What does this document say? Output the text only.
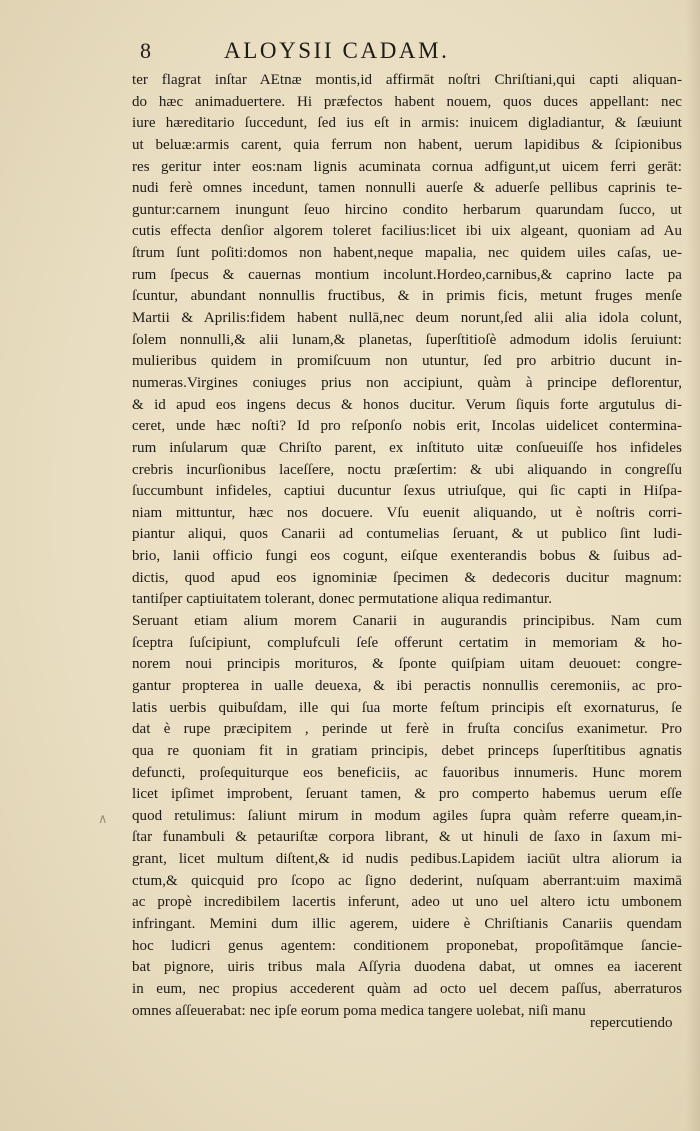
8	ALOYSII CADAM.
ter flagrat inſtar AEtnæ montis,id affirmāt noſtri Chriſtiani,qui capti aliquan-
do hæc animaduertere. Hi præfectos habent nouem, quos duces appellant: nec
iure hæreditario ſuccedunt, ſed ius eſt in armis: inuicem digladiantur, & ſæuiunt
ut beluæ:armis carent, quia ferrum non habent, uerum lapidibus & ſcipionibus
res geritur inter eos:nam lignis acuminata cornua adfigunt,ut uicem ferri gerāt:
nudi ferè omnes incedunt, tamen nonnulli auerſe & aduerſe pellibus caprinis te-
guntur:carnem inungunt ſeuo hircino condito herbarum quarundam ſucco, ut
cutis effecta denſior algorem toleret facilius:licet ibi uix algeant, quoniam ad Au
ſtrum ſunt poſiti:domos non habent,neque mapalia, nec quidem uiles caſas, ue-
rum ſpecus & cauernas montium incolunt.Hordeo,carnibus,& caprino lacte pa
ſcuntur, abundant nonnullis fructibus, & in primis ficis, metunt fruges menſe
Martii & Aprilis:fidem habent nullā,nec deum norunt,ſed alii alia idola colunt,
ſolem nonnulli,& alii lunam,& planetas, ſuperſtitioſè admodum idolis ſeruiunt:
mulieribus quidem in promiſcuum non utuntur, ſed pro arbitrio ducunt in-
numeras.Virgines coniuges prius non accipiunt, quàm à principe deflorentur,
& id apud eos ingens decus & honos ducitur. Verum ſiquis forte argutulus di-
ceret, unde hæc noſti? Id pro reſponſo nobis erit, Incolas uidelicet contermina-
rum inſularum quæ Chriſto parent, ex inſtituto uitæ conſueuiſſe hos infideles
crebris incurſionibus laceſſere, noctu præſertim: & ubi aliquando in congreſſu
ſuccumbunt infideles, captiui ducuntur ſexus utriuſque, qui ſic capti in Hiſpa-
niam mittuntur, hæc nos docuere. Vſu euenit aliquando, ut è noſtris corri-
piantur aliqui, quos Canarii ad contumelias ſeruant, & ut publico ſint ludi-
brio, lanii officio fungi eos cogunt, eiſque exenterandis bobus & ſuibus ad-
dictis, quod apud eos ignominiæ ſpecimen & dedecoris ducitur magnum:
tantiſper captiuitatem tolerant, donec permutatione aliqua redimantur.
Seruant etiam alium morem Canarii in augurandis principibus. Nam cum
ſceptra ſuſcipiunt, complufculi ſeſe offerunt certatim in memoriam & ho-
norem noui principis morituros, & ſponte quiſpiam uitam deuouet: congre-
gantur propterea in ualle deuexa, & ibi peractis nonnullis ceremoniis, ac pro-
latis uerbis quibuſdam, ille qui ſua morte feſtum principis eſt exornaturus, ſe
dat è rupe præcipitem , perinde ut ferè in fruſta conciſus exanimetur. Pro
qua re quoniam fit in gratiam principis, debet princeps ſuperſtitibus agnatis
defuncti, proſequiturque eos beneficiis, ac fauoribus innumeris. Hunc morem
licet ipſimet improbent, ſeruant tamen, & pro comperto habemus uerum eſſe
quod retulimus: ſaliunt mirum in modum agiles ſupra quàm referre queam,in-
ſtar funambuli & petauriſtæ corpora librant, & ut hinuli de ſaxo in ſaxum mi-
grant, licet multum diſtent,& id nudis pedibus.Lapidem iaciūt ultra aliorum ia
ctum,& quicquid pro ſcopo ac ſigno dederint, nuſquam aberrant:uim maximā
ac propè incredibilem lacertis inferunt, adeo ut uno uel altero ictu umbonem
infringant. Memini dum illic agerem, uidere è Chriſtianis Canariis quendam
hoc ludicri genus agentem: conditionem proponebat, propoſitāmque ſancie-
bat pignore, uiris tribus mala Aſſyria duodena dabat, ut omnes ea iacerent
in eum, nec propius accederent quàm ad octo uel decem paſſus, aberraturos
omnes aſſeuerabat: nec ipſe eorum poma medica tangere uolebat, niſi manu
repercutiendo
∧
